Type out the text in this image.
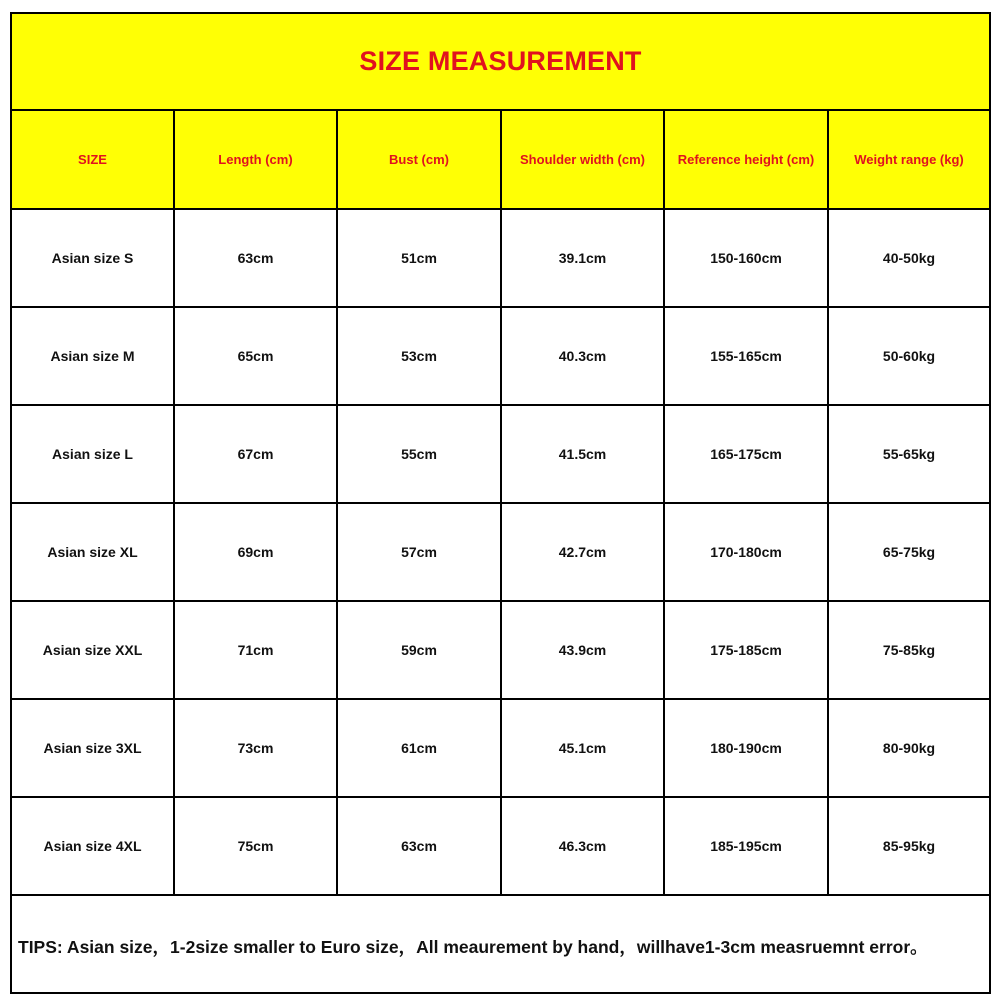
SIZE MEASUREMENT
SIZE	Length (cm)	Bust (cm)	Shoulder width (cm)	Reference height (cm)	Weight range (kg)
Asian size S	63cm	51cm	39.1cm	150-160cm	40-50kg
Asian size M	65cm	53cm	40.3cm	155-165cm	50-60kg
Asian size L	67cm	55cm	41.5cm	165-175cm	55-65kg
Asian size XL	69cm	57cm	42.7cm	170-180cm	65-75kg
Asian size XXL	71cm	59cm	43.9cm	175-185cm	75-85kg
Asian size 3XL	73cm	61cm	45.1cm	180-190cm	80-90kg
Asian size 4XL	75cm	63cm	46.3cm	185-195cm	85-95kg
TIPS: Asian size，1-2size smaller to Euro size，All meaurement by hand，willhave1-3cm measruemnt error。
